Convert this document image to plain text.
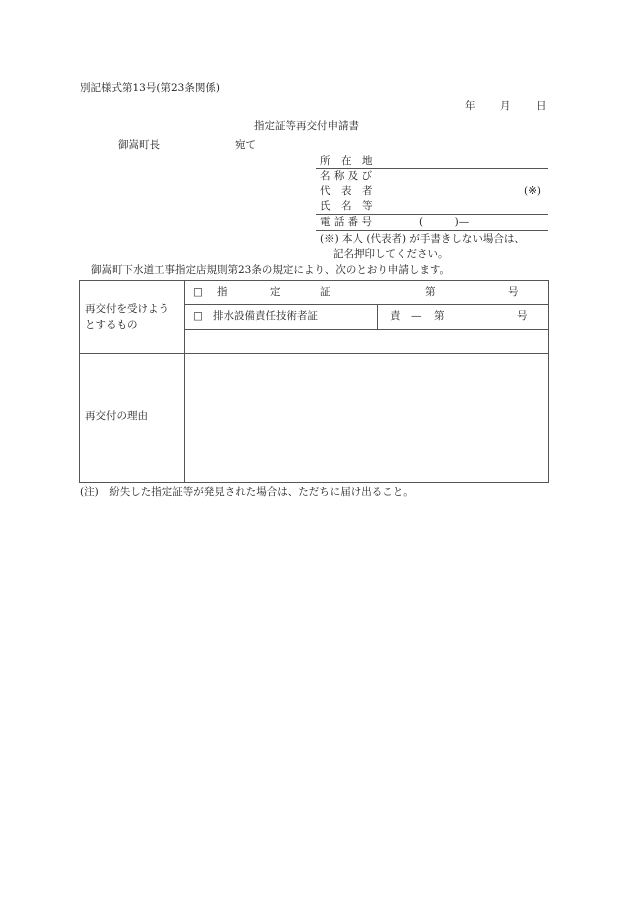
別記様式第13号(第23条関係)
年 月 日
指定証等再交付申請書
御嵩町長	宛て
所　在　地
名 称 及 び
代　表　者	(※)
氏　名　等
電 話 番 号	(　　　)—
(※) 本人 (代表者) が手書きしない場合は、
記名押印してください。
御嵩町下水道工事指定店規則第23条の規定により、次のとおり申請します。
再交付を受けよう
とするもの
□ 指	定	証	第	号
□ 排水設備責任技術者証	責 — 第	号
再交付の理由
(注)　紛失した指定証等が発見された場合は、ただちに届け出ること。
